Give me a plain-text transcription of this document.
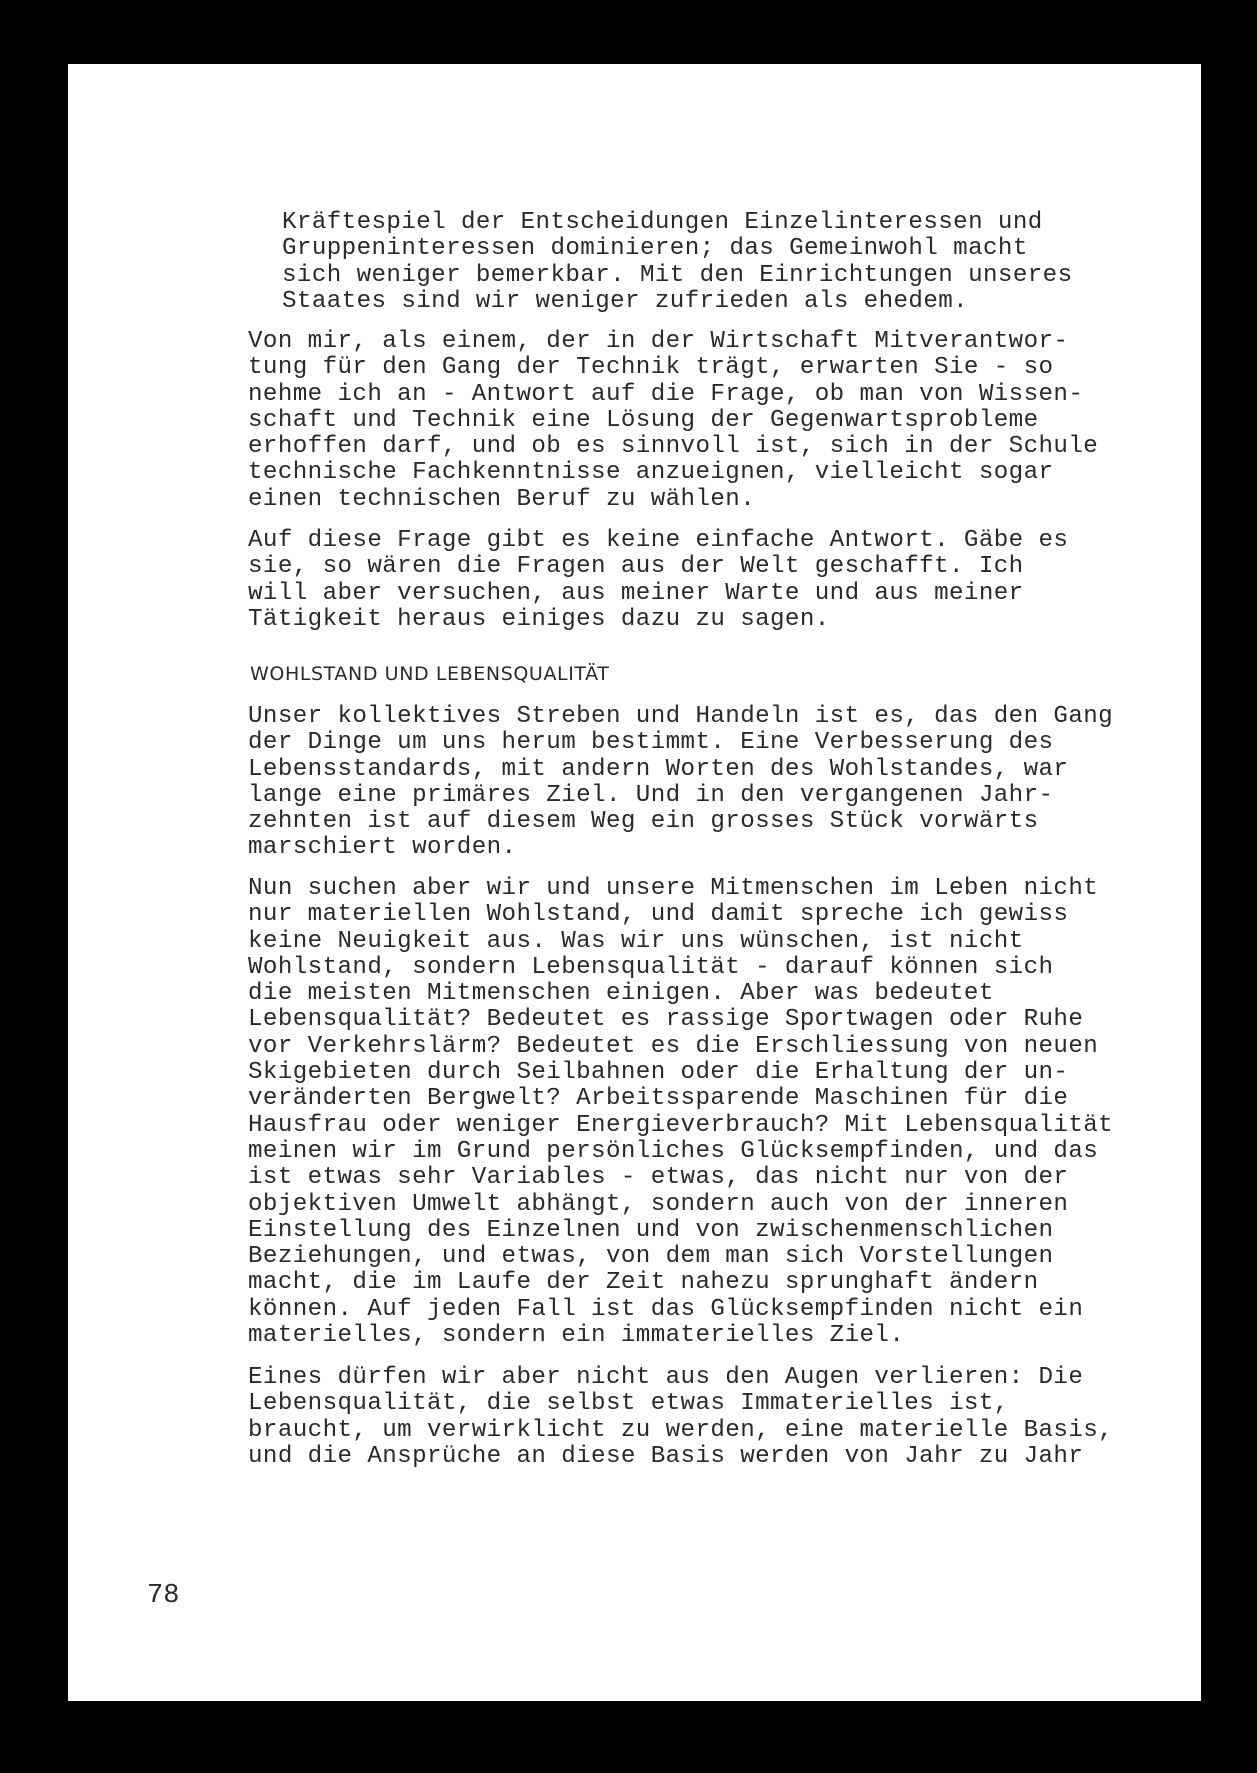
Kräftespiel der Entscheidungen Einzelinteressen und
Gruppeninteressen dominieren; das Gemeinwohl macht
sich weniger bemerkbar. Mit den Einrichtungen unseres
Staates sind wir weniger zufrieden als ehedem.

Von mir, als einem, der in der Wirtschaft Mitverantwor-
tung für den Gang der Technik trägt, erwarten Sie - so
nehme ich an - Antwort auf die Frage, ob man von Wissen-
schaft und Technik eine Lösung der Gegenwartsprobleme
erhoffen darf, und ob es sinnvoll ist, sich in der Schule
technische Fachkenntnisse anzueignen, vielleicht sogar
einen technischen Beruf zu wählen.

Auf diese Frage gibt es keine einfache Antwort. Gäbe es
sie, so wären die Fragen aus der Welt geschafft. Ich
will aber versuchen, aus meiner Warte und aus meiner
Tätigkeit heraus einiges dazu zu sagen.

WOHLSTAND UND LEBENSQUALITÄT

Unser kollektives Streben und Handeln ist es, das den Gang
der Dinge um uns herum bestimmt. Eine Verbesserung des
Lebensstandards, mit andern Worten des Wohlstandes, war
lange eine primäres Ziel. Und in den vergangenen Jahr-
zehnten ist auf diesem Weg ein grosses Stück vorwärts
marschiert worden.

Nun suchen aber wir und unsere Mitmenschen im Leben nicht
nur materiellen Wohlstand, und damit spreche ich gewiss
keine Neuigkeit aus. Was wir uns wünschen, ist nicht
Wohlstand, sondern Lebensqualität - darauf können sich
die meisten Mitmenschen einigen. Aber was bedeutet
Lebensqualität? Bedeutet es rassige Sportwagen oder Ruhe
vor Verkehrslärm? Bedeutet es die Erschliessung von neuen
Skigebieten durch Seilbahnen oder die Erhaltung der un-
veränderten Bergwelt? Arbeitssparende Maschinen für die
Hausfrau oder weniger Energieverbrauch? Mit Lebensqualität
meinen wir im Grund persönliches Glücksempfinden, und das
ist etwas sehr Variables - etwas, das nicht nur von der
objektiven Umwelt abhängt, sondern auch von der inneren
Einstellung des Einzelnen und von zwischenmenschlichen
Beziehungen, und etwas, von dem man sich Vorstellungen
macht, die im Laufe der Zeit nahezu sprunghaft ändern
können. Auf jeden Fall ist das Glücksempfinden nicht ein
materielles, sondern ein immaterielles Ziel.

Eines dürfen wir aber nicht aus den Augen verlieren: Die
Lebensqualität, die selbst etwas Immaterielles ist,
braucht, um verwirklicht zu werden, eine materielle Basis,
und die Ansprüche an diese Basis werden von Jahr zu Jahr

78
